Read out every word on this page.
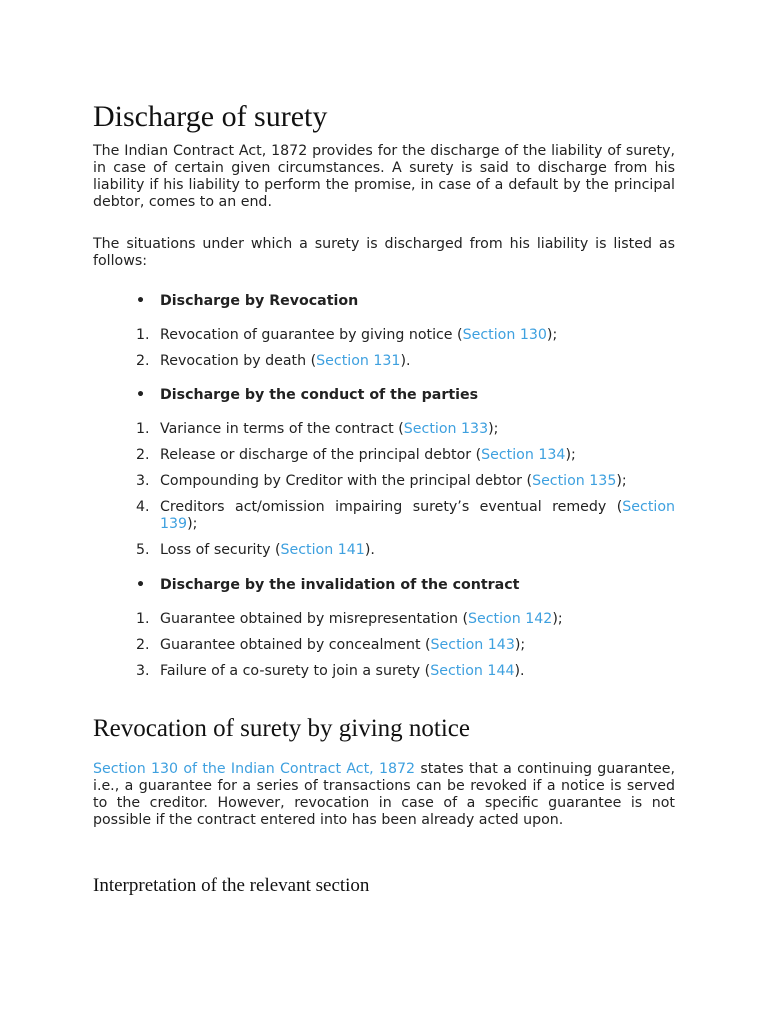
Discharge of surety

The Indian Contract Act, 1872 provides for the discharge of the liability of surety, in case of certain given circumstances. A surety is said to discharge from his liability if his liability to perform the promise, in case of a default by the principal debtor, comes to an end.

The situations under which a surety is discharged from his liability is listed as follows:

• Discharge by Revocation
1. Revocation of guarantee by giving notice (Section 130);
2. Revocation by death (Section 131).
• Discharge by the conduct of the parties
1. Variance in terms of the contract (Section 133);
2. Release or discharge of the principal debtor (Section 134);
3. Compounding by Creditor with the principal debtor (Section 135);
4. Creditors act/omission impairing surety’s eventual remedy (Section 139);
5. Loss of security (Section 141).
• Discharge by the invalidation of the contract
1. Guarantee obtained by misrepresentation (Section 142);
2. Guarantee obtained by concealment (Section 143);
3. Failure of a co-surety to join a surety (Section 144).
Revocation of surety by giving notice

Section 130 of the Indian Contract Act, 1872 states that a continuing guarantee, i.e., a guarantee for a series of transactions can be revoked if a notice is served to the creditor. However, revocation in case of a specific guarantee is not possible if the contract entered into has been already acted upon.

Interpretation of the relevant section
